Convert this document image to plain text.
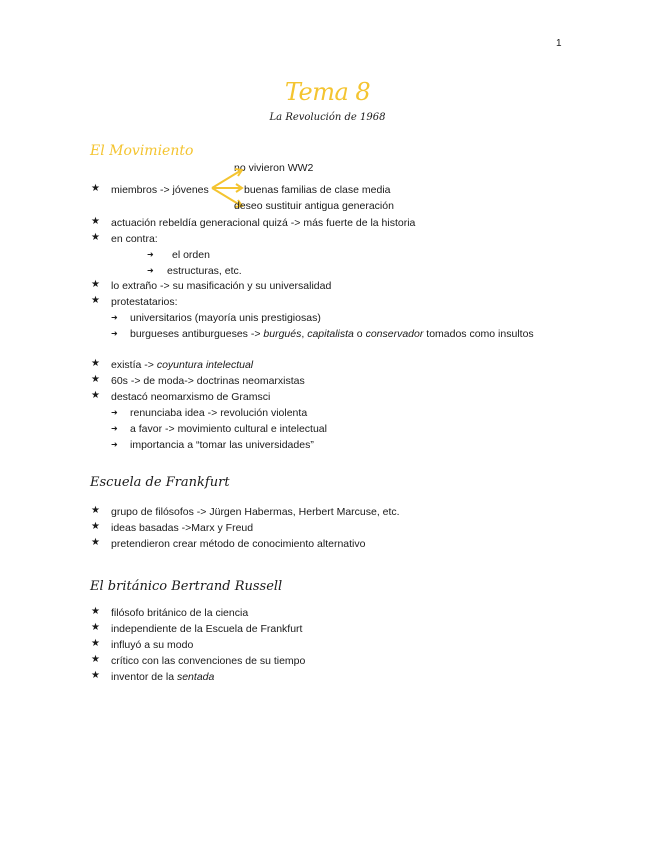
1
Tema 8
La Revolución de 1968
El Movimiento
no vivieron WW2
★ miembros -> jóvenes	buenas familias de clase media
deseo sustituir antigua generación
★ actuación rebeldía generacional quizá -> más fuerte de la historia
★ en contra:
➜ el orden
➜ estructuras, etc.
★ lo extraño -> su masificación y su universalidad
★ protestatarios:
➜ universitarios (mayoría unis prestigiosas)
➜ burgueses antiburgueses -> burgués, capitalista o conservador tomados como insultos
★ existía -> coyuntura intelectual
★ 60s -> de moda-> doctrinas neomarxistas
★ destacó neomarxismo de Gramsci
➜ renunciaba idea -> revolución violenta
➜ a favor -> movimiento cultural e intelectual
➜ importancia a “tomar las universidades”
Escuela de Frankfurt
★ grupo de filósofos -> Jürgen Habermas, Herbert Marcuse, etc.
★ ideas basadas ->Marx y Freud
★ pretendieron crear método de conocimiento alternativo
El británico Bertrand Russell
★ filósofo británico de la ciencia
★ independiente de la Escuela de Frankfurt
★ influyó a su modo
★ crítico con las convenciones de su tiempo
★ inventor de la sentada
